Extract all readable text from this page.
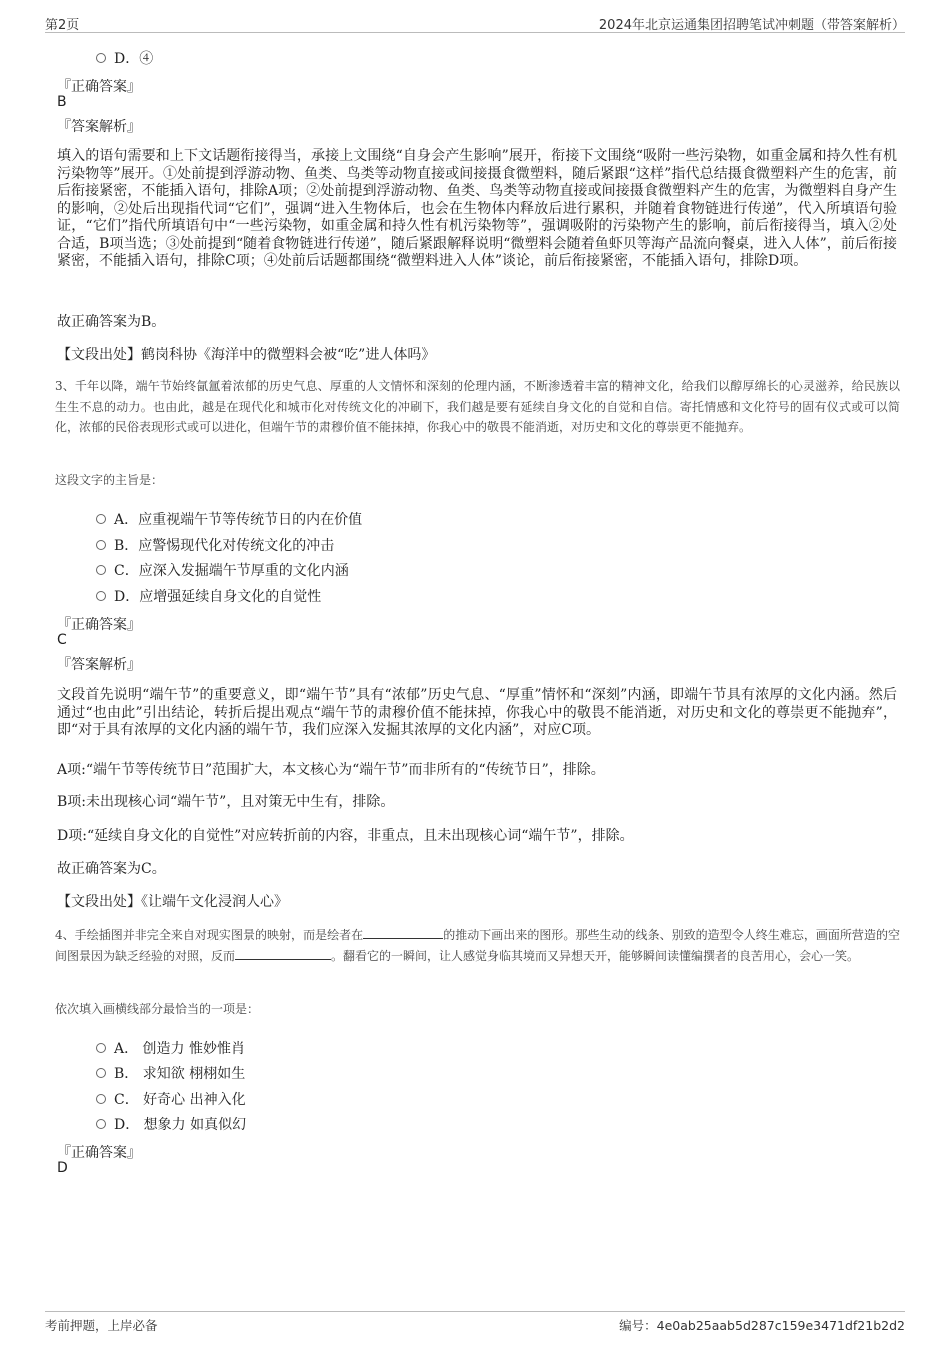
第2页	2024年北京运通集团招聘笔试冲刺题（带答案解析）
D．④
『正确答案』
B
『答案解析』
填入的语句需要和上下文话题衔接得当，承接上文围绕“自身会产生影响”展开，衔接下文围绕“吸附一些污染物，如重金属和持久性有机污染物等”展开。①处前提到浮游动物、鱼类、鸟类等动物直接或间接摄食微塑料，随后紧跟“这样”指代总结摄食微塑料产生的危害，前后衔接紧密，不能插入语句，排除A项；②处前提到浮游动物、鱼类、鸟类等动物直接或间接摄食微塑料产生的危害，为微塑料自身产生的影响，②处后出现指代词“它们”，强调“进入生物体后，也会在生物体内释放后进行累积，并随着食物链进行传递”，代入所填语句验证，“它们”指代所填语句中“一些污染物，如重金属和持久性有机污染物等”，强调吸附的污染物产生的影响，前后衔接得当，填入②处合适，B项当选；③处前提到“随着食物链进行传递”，随后紧跟解释说明“微塑料会随着鱼虾贝等海产品流向餐桌，进入人体”，前后衔接紧密，不能插入语句，排除C项；④处前后话题都围绕“微塑料进入人体”谈论，前后衔接紧密，不能插入语句，排除D项。
故正确答案为B。
【文段出处】鹤岗科协《海洋中的微塑料会被“吃”进人体吗》
3、千年以降，端午节始终氤氲着浓郁的历史气息、厚重的人文情怀和深刻的伦理内涵，不断渗透着丰富的精神文化，给我们以醇厚绵长的心灵滋养，给民族以生生不息的动力。也由此，越是在现代化和城市化对传统文化的冲刷下，我们越是要有延续自身文化的自觉和自信。寄托情感和文化符号的固有仪式或可以简化，浓郁的民俗表现形式或可以进化，但端午节的肃穆价值不能抹掉，你我心中的敬畏不能消逝，对历史和文化的尊崇更不能抛弃。
这段文字的主旨是：
A．应重视端午节等传统节日的内在价值
B．应警惕现代化对传统文化的冲击
C．应深入发掘端午节厚重的文化内涵
D．应增强延续自身文化的自觉性
『正确答案』
C
『答案解析』
文段首先说明“端午节”的重要意义，即“端午节”具有“浓郁”历史气息、“厚重”情怀和“深刻”内涵，即端午节具有浓厚的文化内涵。然后通过“也由此”引出结论，转折后提出观点“端午节的肃穆价值不能抹掉，你我心中的敬畏不能消逝，对历史和文化的尊崇更不能抛弃”，即“对于具有浓厚的文化内涵的端午节，我们应深入发掘其浓厚的文化内涵”，对应C项。
A项:“端午节等传统节日”范围扩大，本文核心为“端午节”而非所有的“传统节日”，排除。
B项:未出现核心词“端午节”，且对策无中生有，排除。
D项:“延续自身文化的自觉性”对应转折前的内容，非重点，且未出现核心词“端午节”，排除。
故正确答案为C。
【文段出处】《让端午文化浸润人心》
4、手绘插图并非完全来自对现实图景的映射，而是绘者在	的推动下画出来的图形。那些生动的线条、别致的造型令人终生难忘，画面所营造的空间图景因为缺乏经验的对照，反而	。翻看它的一瞬间，让人感觉身临其境而又异想天开，能够瞬间读懂编撰者的良苦用心，会心一笑。
依次填入画横线部分最恰当的一项是：
A． 创造力 惟妙惟肖
B． 求知欲 栩栩如生
C． 好奇心 出神入化
D． 想象力 如真似幻
『正确答案』
D
考前押题，上岸必备	编号：4e0ab25aab5d287c159e3471df21b2d2
